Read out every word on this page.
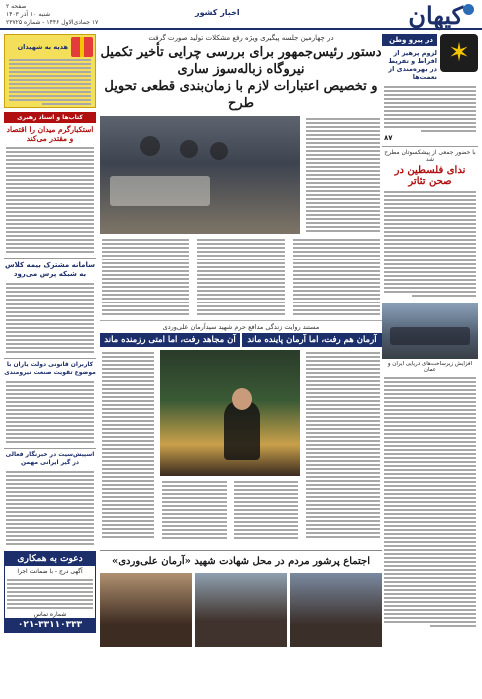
کیهان
اخبار کشور
صفحه ۲
شنبه ۱۰ آذر ۱۴۰۳
۱۷ جمادی‌الاول ۱۴۴۶ - شماره ۲۳۷۲۵
✶
در پیرو وطن
لزوم پرهیز از افراط و تفریط در بهره‌مندی از نعمت‌ها
۸۷
با حضور جمعی از پیشکسوتان مطرح شد
ندای فلسطین در صحن تئاتر
افزایش زیرساخت‌های دریایی ایران و عمان
در چهارمین جلسه پیگیری ویژه رفع مشکلات تولید صورت گرفت
دستور رئیس‌جمهور برای بررسی چرایی تأخیر تکمیل نیروگاه زباله‌سوز ساری
و تخصیص اعتبارات لازم با زمان‌بندی قطعی تحویل طرح
مستند روایت زندگی مدافع حرم شهید سیدآرمان علی‌وردی
آرمان هم رفت، اما آرمان پاینده ماند
آن مجاهد رفت، اما امتی رزمنده ماند
اجتماع پرشور مردم در محل شهادت شهید «آرمان علی‌وردی»
هدیه به شهیدان
کتاب‌ها و اسناد رهبری
استکبارگرم میدان را اقتصاد و مقتدر می‌کند
سامانه مشترک بیمه کلاس به شبکه پرس می‌رود
کاربران قانونی دولت یاران با موضوع تقویت صنعت نیرومندی
اسپیش‌سیت در خبرنگار فعالی در گیر ایرانی مهمن
دعوت به همکاری
آگهی درج - با ضمانت اجرا
شماره تماس
۰۲۱-۳۳۱۱۰۳۳۳
